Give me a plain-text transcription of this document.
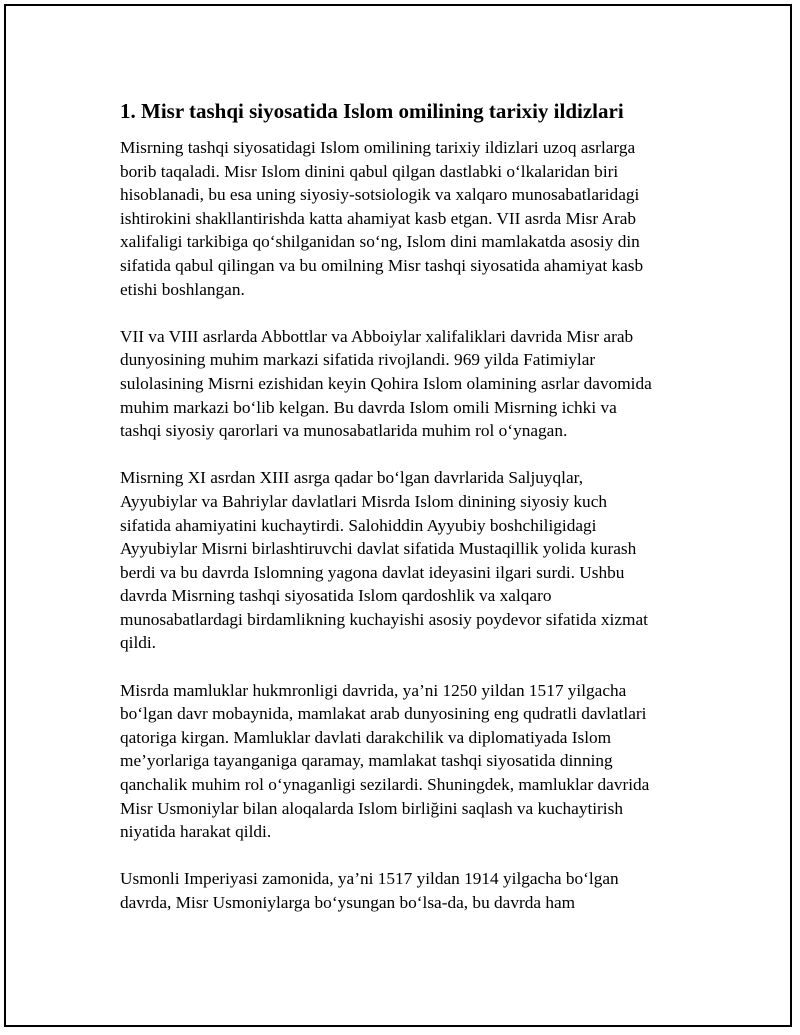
1. Misr tashqi siyosatida Islom omilining tarixiy ildizlari

Misrning tashqi siyosatidagi Islom omilining tarixiy ildizlari uzoq asrlarga
borib taqaladi. Misr Islom dinini qabul qilgan dastlabki o‘lkalaridan biri
hisoblanadi, bu esa uning siyosiy-sotsiologik va xalqaro munosabatlaridagi
ishtirokini shakllantirishda katta ahamiyat kasb etgan. VII asrda Misr Arab
xalifaligi tarkibiga qo‘shilganidan so‘ng, Islom dini mamlakatda asosiy din
sifatida qabul qilingan va bu omilning Misr tashqi siyosatida ahamiyat kasb
etishi boshlangan.

VII va VIII asrlarda Abbottlar va Abboiylar xalifaliklari davrida Misr arab
dunyosining muhim markazi sifatida rivojlandi. 969 yilda Fatimiylar
sulolasining Misrni ezishidan keyin Qohira Islom olamining asrlar davomida
muhim markazi bo‘lib kelgan. Bu davrda Islom omili Misrning ichki va
tashqi siyosiy qarorlari va munosabatlarida muhim rol o‘ynagan.

Misrning XI asrdan XIII asrga qadar bo‘lgan davrlarida Saljuyqlar,
Ayyubiylar va Bahriylar davlatlari Misrda Islom dinining siyosiy kuch
sifatida ahamiyatini kuchaytirdi. Salohiddin Ayyubiy boshchiligidagi
Ayyubiylar Misrni birlashtiruvchi davlat sifatida Mustaqillik yolida kurash
berdi va bu davrda Islomning yagona davlat ideyasini ilgari surdi. Ushbu
davrda Misrning tashqi siyosatida Islom qardoshlik va xalqaro
munosabatlardagi birdamlikning kuchayishi asosiy poydevor sifatida xizmat
qildi.

Misrda mamluklar hukmronligi davrida, ya’ni 1250 yildan 1517 yilgacha
bo‘lgan davr mobaynida, mamlakat arab dunyosining eng qudratli davlatlari
qatoriga kirgan. Mamluklar davlati darakchilik va diplomatiyada Islom
me’yorlariga tayanganiga qaramay, mamlakat tashqi siyosatida dinning
qanchalik muhim rol o‘ynaganligi sezilardi. Shuningdek, mamluklar davrida
Misr Usmoniylar bilan aloqalarda Islom birliğini saqlash va kuchaytirish
niyatida harakat qildi.

Usmonli Imperiyasi zamonida, ya’ni 1517 yildan 1914 yilgacha bo‘lgan
davrda, Misr Usmoniylarga bo‘ysungan bo‘lsa-da, bu davrda ham
